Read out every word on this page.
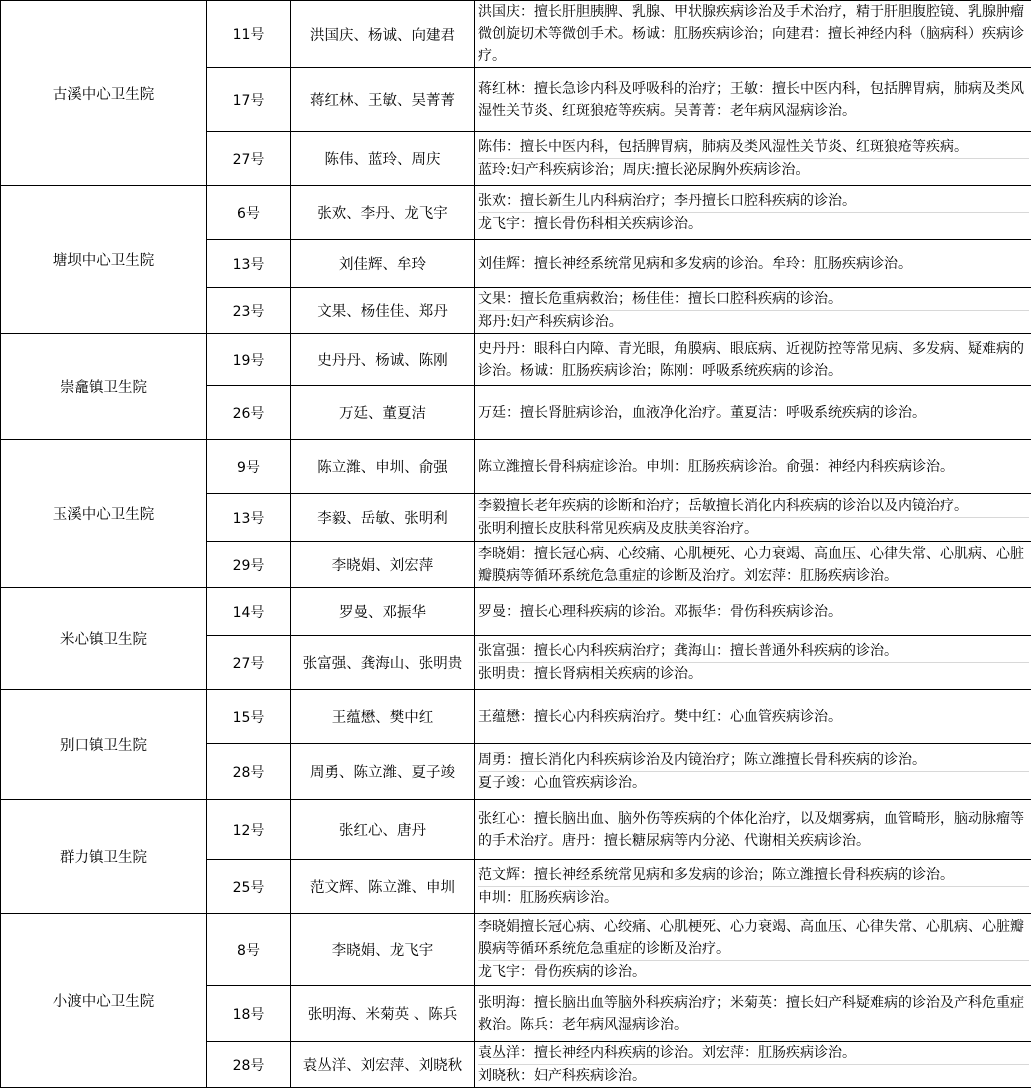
古溪中心卫生院	11号	洪国庆、杨诚、向建君	洪国庆：擅长肝胆胰脾、乳腺、甲状腺疾病诊治及手术治疗，精于肝胆腹腔镜、乳腺肿瘤微创旋切术等微创手术。杨诚：肛肠疾病诊治；向建君：擅长神经内科（脑病科）疾病诊疗。

	17号	蒋红林、王敏、吴菁菁	蒋红林：擅长急诊内科及呼吸科的治疗；王敏：擅长中医内科，包括脾胃病，肺病及类风湿性关节炎、红斑狼疮等疾病。吴菁菁：老年病风湿病诊治。

	27号	陈伟、蓝玲、周庆	陈伟：擅长中医内科，包括脾胃病，肺病及类风湿性关节炎、红斑狼疮等疾病。
蓝玲:妇产科疾病诊治；周庆:擅长泌尿胸外疾病诊治。

塘坝中心卫生院	6号	张欢、李丹、龙飞宇	张欢：擅长新生儿内科病治疗；李丹擅长口腔科疾病的诊治。
龙飞宇：擅长骨伤科相关疾病诊治。

	13号	刘佳辉、牟玲	刘佳辉：擅长神经系统常见病和多发病的诊治。牟玲：肛肠疾病诊治。

	23号	文果、杨佳佳、郑丹	文果：擅长危重病救治；杨佳佳：擅长口腔科疾病的诊治。
郑丹:妇产科疾病诊治。

崇龕镇卫生院	19号	史丹丹、杨诚、陈刚	史丹丹：眼科白内障、青光眼，角膜病、眼底病、近视防控等常见病、多发病、疑难病的诊治。杨诚：肛肠疾病诊治；陈刚：呼吸系统疾病的诊治。

	26号	万廷、董夏洁	万廷：擅长肾脏病诊治，血液净化治疗。董夏洁：呼吸系统疾病的诊治。

玉溪中心卫生院	9号	陈立潍、申圳、俞强	陈立潍擅长骨科病症诊治。申圳：肛肠疾病诊治。俞强：神经内科疾病诊治。

	13号	李毅、岳敏、张明利	李毅擅长老年疾病的诊断和治疗；岳敏擅长消化内科疾病的诊治以及内镜治疗。
张明利擅长皮肤科常见疾病及皮肤美容治疗。

	29号	李晓娟、刘宏萍	李晓娟：擅长冠心病、心绞痛、心肌梗死、心力衰竭、高血压、心律失常、心肌病、心脏瓣膜病等循环系统危急重症的诊断及治疗。刘宏萍：肛肠疾病诊治。

米心镇卫生院	14号	罗曼、邓振华	罗曼：擅长心理科疾病的诊治。邓振华：骨伤科疾病诊治。

	27号	张富强、龚海山、张明贵	张富强：擅长心内科疾病治疗；龚海山：擅长普通外科疾病的诊治。
张明贵：擅长肾病相关疾病的诊治。

别口镇卫生院	15号	王蕴懋、樊中红	王蕴懋：擅长心内科疾病治疗。樊中红：心血管疾病诊治。

	28号	周勇、陈立潍、夏子竣	周勇：擅长消化内科疾病诊治及内镜治疗；陈立潍擅长骨科疾病的诊治。
夏子竣：心血管疾病诊治。

群力镇卫生院	12号	张红心、唐丹	张红心：擅长脑出血、脑外伤等疾病的个体化治疗，以及烟雾病，血管畸形，脑动脉瘤等的手术治疗。唐丹：擅长糖尿病等内分泌、代谢相关疾病诊治。

	25号	范文辉、陈立潍、申圳	范文辉：擅长神经系统常见病和多发病的诊治；陈立潍擅长骨科疾病的诊治。
申圳：肛肠疾病诊治。

小渡中心卫生院	8号	李晓娟、龙飞宇	李晓娟擅长冠心病、心绞痛、心肌梗死、心力衰竭、高血压、心律失常、心肌病、心脏瓣膜病等循环系统危急重症的诊断及治疗。
龙飞宇：骨伤疾病的诊治。

	18号	张明海、米菊英 、陈兵	张明海：擅长脑出血等脑外科疾病治疗；米菊英：擅长妇产科疑难病的诊治及产科危重症救治。陈兵：老年病风湿病诊治。

	28号	袁丛洋、刘宏萍、刘晓秋	袁丛洋：擅长神经内科疾病的诊治。刘宏萍：肛肠疾病诊治。
刘晓秋：妇产科疾病诊治。
